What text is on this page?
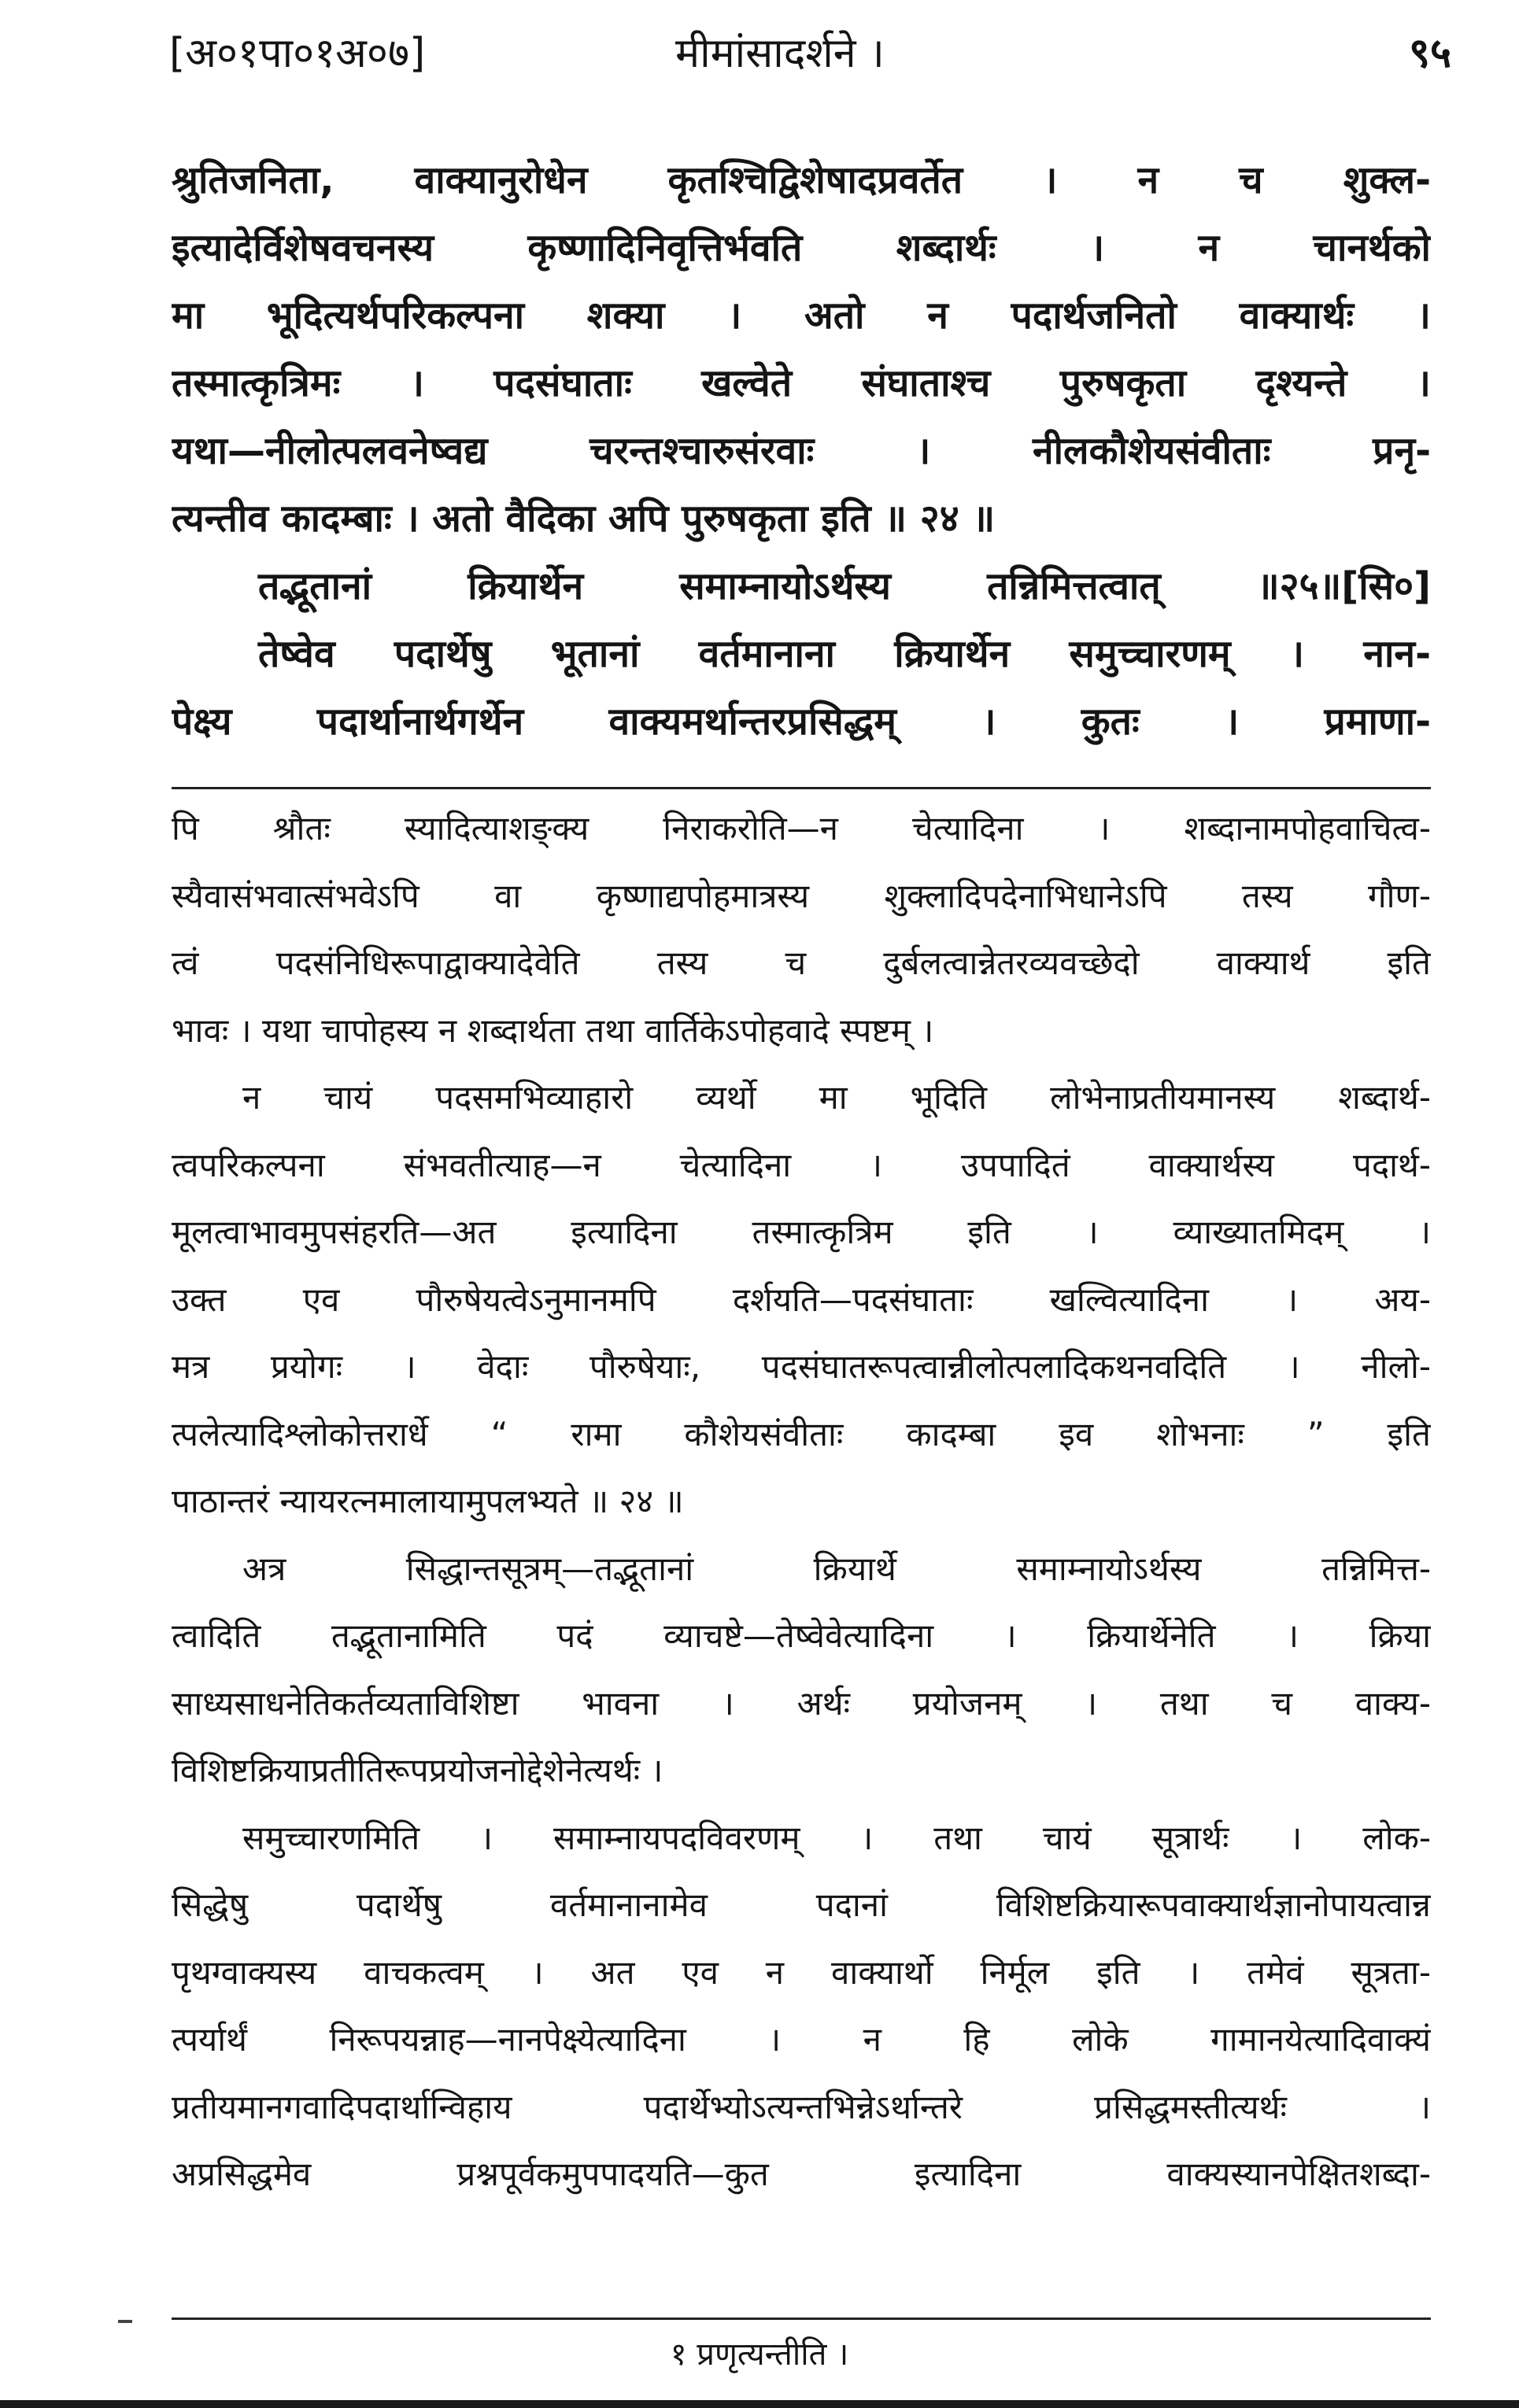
[अ०१पा०१अ०७]	मीमांसादर्शने ।	९५
श्रुतिजनिता, वाक्यानुरोधेन कृतश्चिद्विशेषादप्रवर्तेत । न च शुक्ल-
इत्यादेर्विशेषवचनस्य कृष्णादिनिवृत्तिर्भवति शब्दार्थः । न चानर्थको
मा भूदित्यर्थपरिकल्पना शक्या । अतो न पदार्थजनितो वाक्यार्थः ।
तस्मात्कृत्रिमः । पदसंघाताः खल्वेते संघाताश्च पुरुषकृता दृश्यन्ते ।
यथा—नीलोत्पलवनेष्वद्य चरन्तश्चारुसंरवाः । नीलकौशेयसंवीताः प्रनृ-
त्यन्तीव कादम्बाः । अतो वैदिका अपि पुरुषकृता इति ॥ २४ ॥
तद्भूतानां क्रियार्थेन समाम्नायोऽर्थस्य तन्निमित्तत्वात् ॥२५॥[सि०]
तेष्वेव पदार्थेषु भूतानां वर्तमानाना क्रियार्थेन समुच्चारणम् । नान-
पेक्ष्य पदार्थानार्थगर्थेन वाक्यमर्थान्तरप्रसिद्धम् । कुतः । प्रमाणा-
पि श्रौतः स्यादित्याशङ्क्य निराकरोति—न चेत्यादिना । शब्दानामपोहवाचित्व-
स्यैवासंभवात्संभवेऽपि वा कृष्णाद्यपोहमात्रस्य शुक्लादिपदेनाभिधानेऽपि तस्य गौण-
त्वं पदसंनिधिरूपाद्वाक्यादेवेति तस्य च दुर्बलत्वान्नेतरव्यवच्छेदो वाक्यार्थ इति
भावः । यथा चापोहस्य न शब्दार्थता तथा वार्तिकेऽपोहवादे स्पष्टम् ।
न चायं पदसमभिव्याहारो व्यर्थो मा भूदिति लोभेनाप्रतीयमानस्य शब्दार्थ-
त्वपरिकल्पना संभवतीत्याह—न चेत्यादिना । उपपादितं वाक्यार्थस्य पदार्थ-
मूलत्वाभावमुपसंहरति—अत इत्यादिना तस्मात्कृत्रिम इति । व्याख्यातमिदम् ।
उक्त एव पौरुषेयत्वेऽनुमानमपि दर्शयति—पदसंघाताः खल्वित्यादिना । अय-
मत्र प्रयोगः । वेदाः पौरुषेयाः, पदसंघातरूपत्वान्नीलोत्पलादिकथनवदिति । नीलो-
त्पलेत्यादिश्लोकोत्तरार्धे “ रामा कौशेयसंवीताः कादम्बा इव शोभनाः ” इति
पाठान्तरं न्यायरत्नमालायामुपलभ्यते ॥ २४ ॥
अत्र सिद्धान्तसूत्रम्—तद्भूतानां क्रियार्थे समाम्नायोऽर्थस्य तन्निमित्त-
त्वादिति तद्भूतानामिति पदं व्याचष्टे—तेष्वेवेत्यादिना । क्रियार्थेनेति । क्रिया
साध्यसाधनेतिकर्तव्यताविशिष्टा भावना । अर्थः प्रयोजनम् । तथा च वाक्य-
विशिष्टक्रियाप्रतीतिरूपप्रयोजनोद्देशेनेत्यर्थः ।
समुच्चारणमिति । समाम्नायपदविवरणम् । तथा चायं सूत्रार्थः । लोक-
सिद्धेषु पदार्थेषु वर्तमानानामेव पदानां विशिष्टक्रियारूपवाक्यार्थज्ञानोपायत्वान्न
पृथग्वाक्यस्य वाचकत्वम् । अत एव न वाक्यार्थो निर्मूल इति । तमेवं सूत्रता-
त्पर्यार्थं निरूपयन्नाह—नानपेक्ष्येत्यादिना । न हि लोके गामानयेत्यादिवाक्यं
प्रतीयमानगवादिपदार्थान्विहाय पदार्थेभ्योऽत्यन्तभिन्नेऽर्थान्तरे प्रसिद्धमस्तीत्यर्थः ।
अप्रसिद्धमेव प्रश्नपूर्वकमुपपादयति—कुत इत्यादिना वाक्यस्यानपेक्षितशब्दा-
१ प्रणृत्यन्तीति ।
